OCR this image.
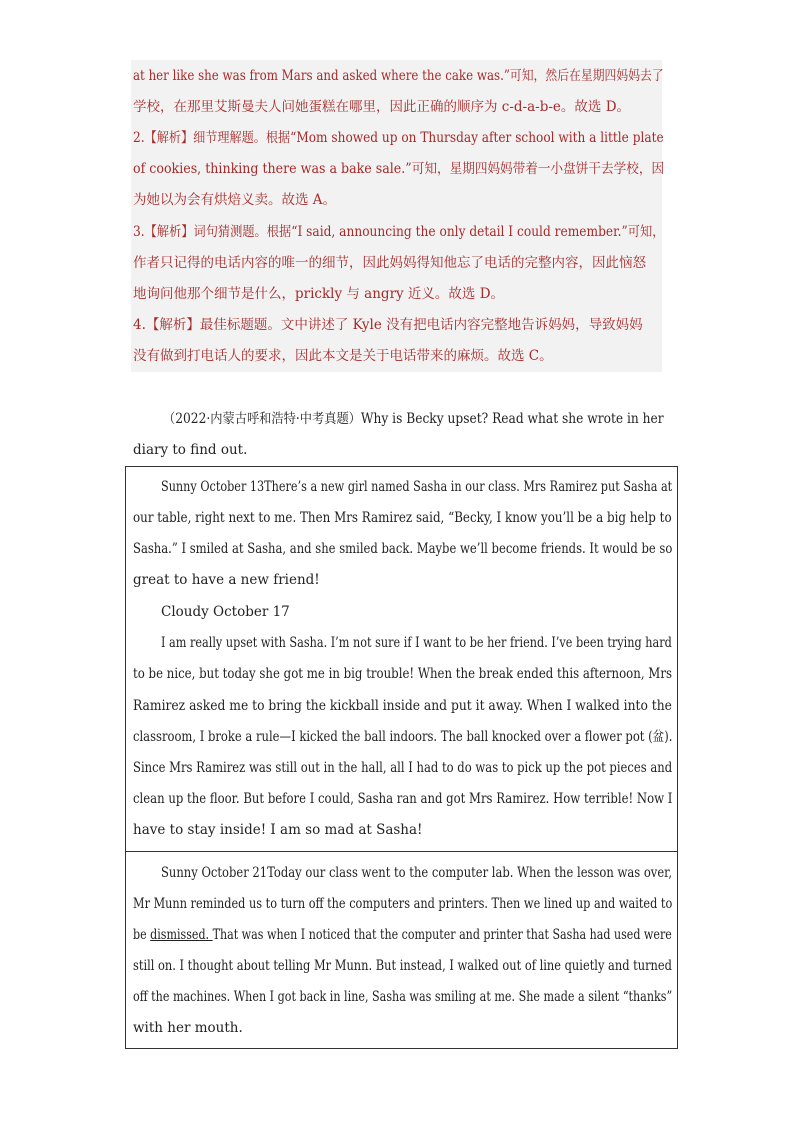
at her like she was from Mars and asked where the cake was.”可知，然后在星期四妈妈去了
学校，在那里艾斯曼夫人问她蛋糕在哪里，因此正确的顺序为 c-d-a-b-e。故选 D。
2.【解析】细节理解题。根据“Mom showed up on Thursday after school with a little plate
of cookies, thinking there was a bake sale.”可知，星期四妈妈带着一小盘饼干去学校，因
为她以为会有烘焙义卖。故选 A。
3.【解析】词句猜测题。根据“I said, announcing the only detail I could remember.”可知，
作者只记得的电话内容的唯一的细节，因此妈妈得知他忘了电话的完整内容，因此恼怒
地询问他那个细节是什么，prickly 与 angry 近义。故选 D。
4.【解析】最佳标题题。文中讲述了 Kyle 没有把电话内容完整地告诉妈妈，导致妈妈
没有做到打电话人的要求，因此本文是关于电话带来的麻烦。故选 C。
（2022·内蒙古呼和浩特·中考真题）Why is Becky upset? Read what she wrote in her
diary to find out.
Sunny October 13There’s a new girl named Sasha in our class. Mrs Ramirez put Sasha at
our table, right next to me. Then Mrs Ramirez said, “Becky, I know you’ll be a big help to
Sasha.” I smiled at Sasha, and she smiled back. Maybe we’ll become friends. It would be so
great to have a new friend!
Cloudy October 17
I am really upset with Sasha. I’m not sure if I want to be her friend. I’ve been trying hard
to be nice, but today she got me in big trouble! When the break ended this afternoon, Mrs
Ramirez asked me to bring the kickball inside and put it away. When I walked into the
classroom, I broke a rule—I kicked the ball indoors. The ball knocked over a flower pot (盆).
Since Mrs Ramirez was still out in the hall, all I had to do was to pick up the pot pieces and
clean up the floor. But before I could, Sasha ran and got Mrs Ramirez. How terrible! Now I
have to stay inside! I am so mad at Sasha!
Sunny October 21Today our class went to the computer lab. When the lesson was over,
Mr Munn reminded us to turn off the computers and printers. Then we lined up and waited to
be dismissed. That was when I noticed that the computer and printer that Sasha had used were
still on. I thought about telling Mr Munn. But instead, I walked out of line quietly and turned
off the machines. When I got back in line, Sasha was smiling at me. She made a silent “thanks”
with her mouth.
